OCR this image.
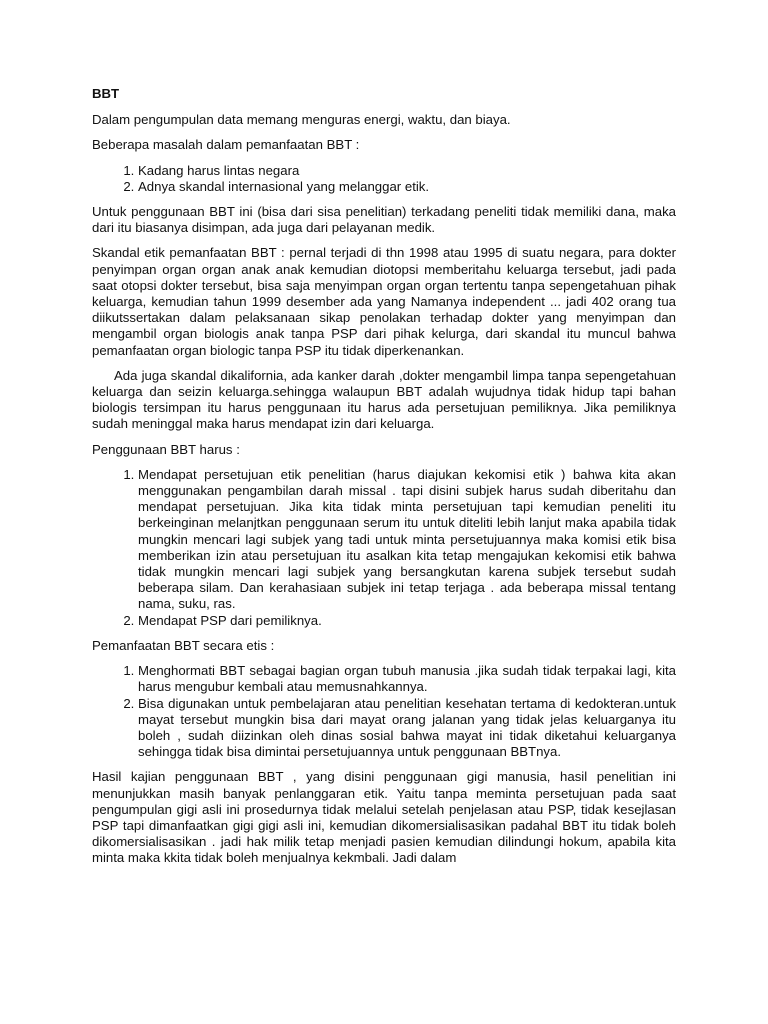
BBT

Dalam pengumpulan data memang menguras energi, waktu, dan biaya.

Beberapa masalah dalam pemanfaatan BBT :

1. Kadang harus lintas negara
2. Adnya skandal internasional yang melanggar etik.

Untuk penggunaan BBT ini (bisa dari sisa penelitian) terkadang peneliti tidak memiliki dana, maka dari itu biasanya disimpan, ada juga dari pelayanan medik.

Skandal etik pemanfaatan BBT : pernal terjadi di thn 1998 atau 1995 di suatu negara, para dokter penyimpan organ organ anak anak kemudian diotopsi memberitahu keluarga tersebut, jadi pada saat otopsi dokter tersebut, bisa saja menyimpan organ organ tertentu tanpa sepengetahuan pihak keluarga, kemudian tahun 1999 desember ada yang Namanya independent ... jadi 402 orang tua diikutssertakan dalam pelaksanaan sikap penolakan terhadap dokter yang menyimpan dan mengambil organ biologis anak tanpa PSP dari pihak kelurga, dari skandal itu muncul bahwa pemanfaatan organ biologic tanpa PSP itu tidak diperkenankan.

Ada juga skandal dikalifornia, ada kanker darah ,dokter mengambil limpa tanpa sepengetahuan keluarga dan seizin keluarga.sehingga walaupun BBT adalah wujudnya tidak hidup tapi bahan biologis tersimpan itu harus penggunaan itu harus ada persetujuan pemiliknya. Jika pemiliknya sudah meninggal maka harus mendapat izin dari keluarga.

Penggunaan BBT harus :

1. Mendapat persetujuan etik penelitian (harus diajukan kekomisi etik ) bahwa kita akan menggunakan pengambilan darah missal . tapi disini subjek harus sudah diberitahu dan mendapat persetujuan. Jika kita tidak minta persetujuan tapi kemudian peneliti itu berkeinginan melanjtkan penggunaan serum itu untuk diteliti lebih lanjut maka apabila tidak mungkin mencari lagi subjek yang tadi untuk minta persetujuannya maka komisi etik bisa memberikan izin atau persetujuan itu asalkan kita tetap mengajukan kekomisi etik bahwa tidak mungkin mencari lagi subjek yang bersangkutan karena subjek tersebut sudah beberapa silam. Dan kerahasiaan subjek ini tetap terjaga . ada beberapa missal tentang nama, suku, ras.
2. Mendapat PSP dari pemiliknya.

Pemanfaatan BBT secara etis :

1. Menghormati BBT sebagai bagian organ tubuh manusia .jika sudah tidak terpakai lagi, kita harus mengubur kembali atau memusnahkannya.
2. Bisa digunakan untuk pembelajaran atau penelitian kesehatan tertama di kedokteran.untuk mayat tersebut mungkin bisa dari mayat orang jalanan yang tidak jelas keluarganya itu boleh , sudah diizinkan oleh dinas sosial bahwa mayat ini tidak diketahui keluarganya sehingga tidak bisa dimintai persetujuannya untuk penggunaan BBTnya.

Hasil kajian penggunaan BBT , yang disini penggunaan gigi manusia, hasil penelitian ini menunjukkan masih banyak penlanggaran etik. Yaitu tanpa meminta persetujuan pada saat pengumpulan gigi asli ini prosedurnya tidak melalui setelah penjelasan atau PSP, tidak kesejlasan PSP tapi dimanfaatkan gigi gigi asli ini, kemudian dikomersialisasikan padahal BBT itu tidak boleh dikomersialisasikan . jadi hak milik tetap menjadi pasien kemudian dilindungi hokum, apabila kita minta maka kkita tidak boleh menjualnya kekmbali. Jadi dalam
